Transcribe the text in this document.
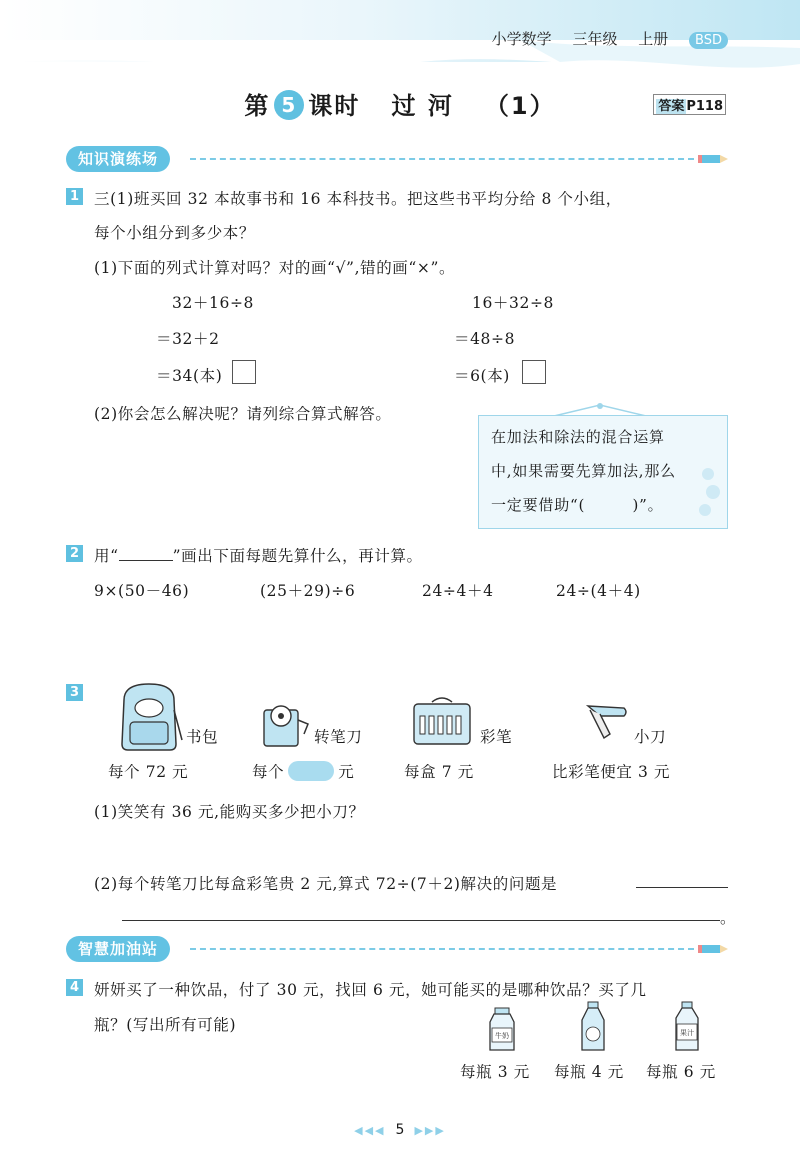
小学数学 三年级 上册 BSD
第 5 课时 过 河 （1）	答案 P118
知识演练场
1 三(1)班买回 32 本故事书和 16 本科技书。把这些书平均分给 8 个小组，
每个小组分到多少本？
(1)下面的列式计算对吗？对的画“√”,错的画“×”。
32＋16÷8
＝32＋2
＝34(本)
16＋32÷8
＝48÷8
＝6(本)
(2)你会怎么解决呢？请列综合算式解答。
在加法和除法的混合运算
中,如果需要先算加法,那么
一定要借助“(　　　)”。
2 用“	”画出下面每题先算什么，再计算。
9×(50－46)	(25＋29)÷6	24÷4＋4	24÷(4＋4)
3
书包
每个 72 元
转笔刀
每个	元
彩笔
每盒 7 元
小刀
比彩笔便宜 3 元
(1)笑笑有 36 元,能购买多少把小刀？
(2)每个转笔刀比每盒彩笔贵 2 元,算式 72÷(7＋2)解决的问题是
。
智慧加油站
4 妍妍买了一种饮品，付了 30 元，找回 6 元，她可能买的是哪种饮品？买了几
瓶？(写出所有可能)
牛奶
每瓶 3 元 每瓶 4 元
果汁
每瓶 6 元
◀◀◀ 5 ▶▶▶
